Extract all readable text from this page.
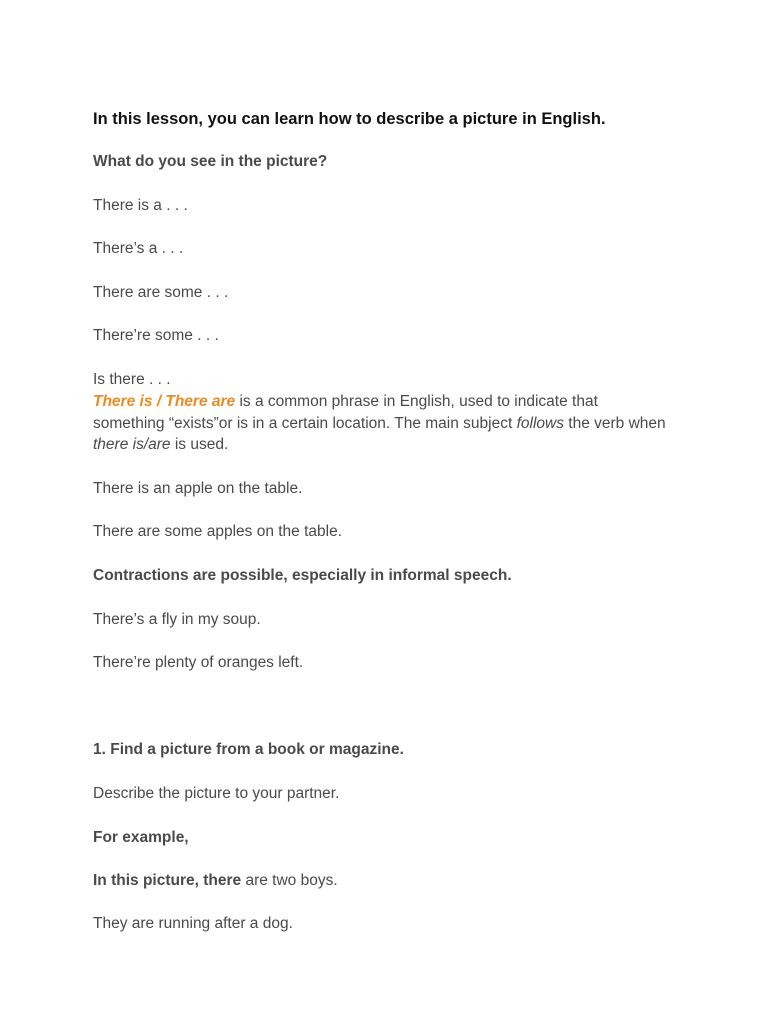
In this lesson, you can learn how to describe a picture in English.

What do you see in the picture?

There is a . . .

There’s a . . .

There are some . . .

There’re some . . .

Is there . . .

There is / There are is a common phrase in English, used to indicate that something “exists”or is in a certain location. The main subject follows the verb when there is/are is used.

There is an apple on the table.

There are some apples on the table.

Contractions are possible, especially in informal speech.

There’s a fly in my soup.

There’re plenty of oranges left.

1. Find a picture from a book or magazine.

Describe the picture to your partner.

For example,

In this picture, there are two boys.

They are running after a dog.
